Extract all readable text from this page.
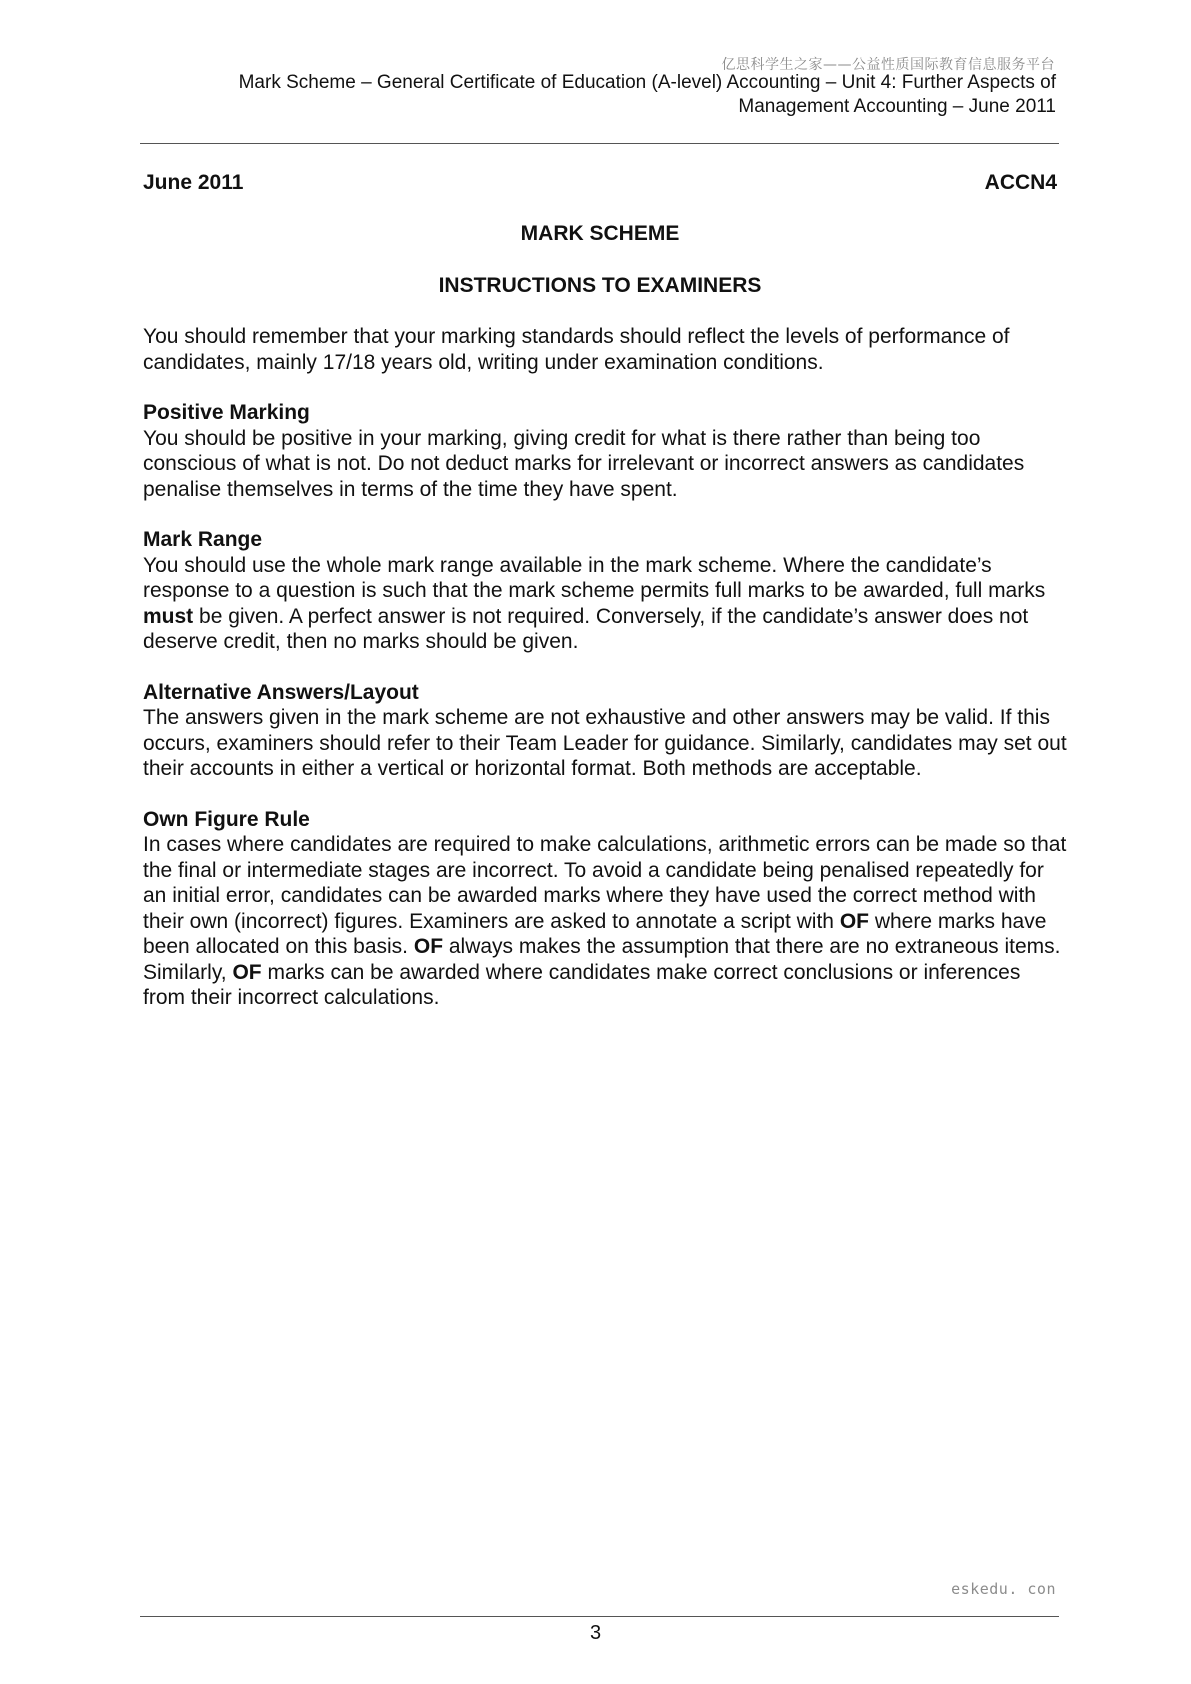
亿思科学生之家——公益性质国际教育信息服务平台
Mark Scheme – General Certificate of Education (A-level) Accounting – Unit 4: Further Aspects of
Management Accounting – June 2011
June 2011	ACCN4
MARK SCHEME
INSTRUCTIONS TO EXAMINERS

You should remember that your marking standards should reflect the levels of performance of candidates, mainly 17/18 years old, writing under examination conditions.

Positive Marking

You should be positive in your marking, giving credit for what is there rather than being too conscious of what is not. Do not deduct marks for irrelevant or incorrect answers as candidates penalise themselves in terms of the time they have spent.

Mark Range

You should use the whole mark range available in the mark scheme. Where the candidate’s response to a question is such that the mark scheme permits full marks to be awarded, full marks must be given. A perfect answer is not required. Conversely, if the candidate’s answer does not deserve credit, then no marks should be given.

Alternative Answers/Layout

The answers given in the mark scheme are not exhaustive and other answers may be valid. If this occurs, examiners should refer to their Team Leader for guidance. Similarly, candidates may set out their accounts in either a vertical or horizontal format. Both methods are acceptable.

Own Figure Rule

In cases where candidates are required to make calculations, arithmetic errors can be made so that the final or intermediate stages are incorrect. To avoid a candidate being penalised repeatedly for an initial error, candidates can be awarded marks where they have used the correct method with their own (incorrect) figures. Examiners are asked to annotate a script with OF where marks have been allocated on this basis. OF always makes the assumption that there are no extraneous items. Similarly, OF marks can be awarded where candidates make correct conclusions or inferences from their incorrect calculations.

eskedu. con
3
